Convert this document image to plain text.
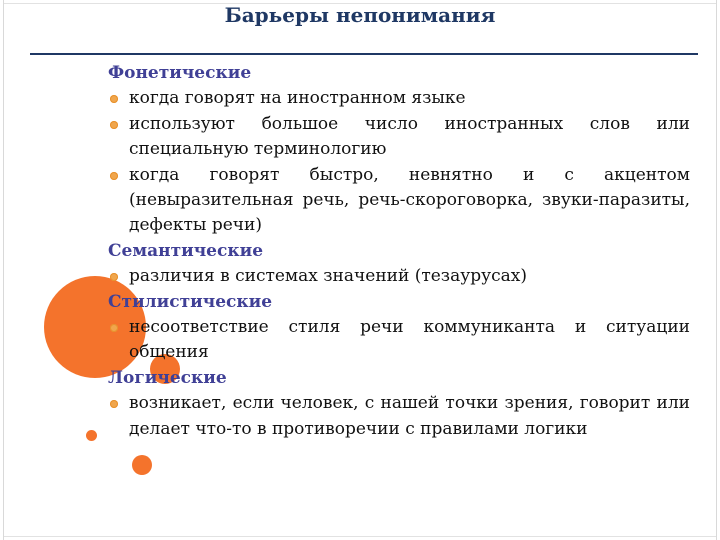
Барьеры непонимания

Фонетические

когда говорят на иностранном языке

используют большое число иностранных слов или специальную терминологию

когда говорят быстро, невнятно и с акцентом (невыразительная речь, речь-скороговорка, звуки-паразиты, дефекты речи)

Семантические

различия в системах значений (тезаурусах)

Стилистические

несоответствие стиля речи коммуниканта и ситуации общения

Логические

возникает, если человек, с нашей точки зрения, говорит или делает что-то в противоречии с правилами логики
